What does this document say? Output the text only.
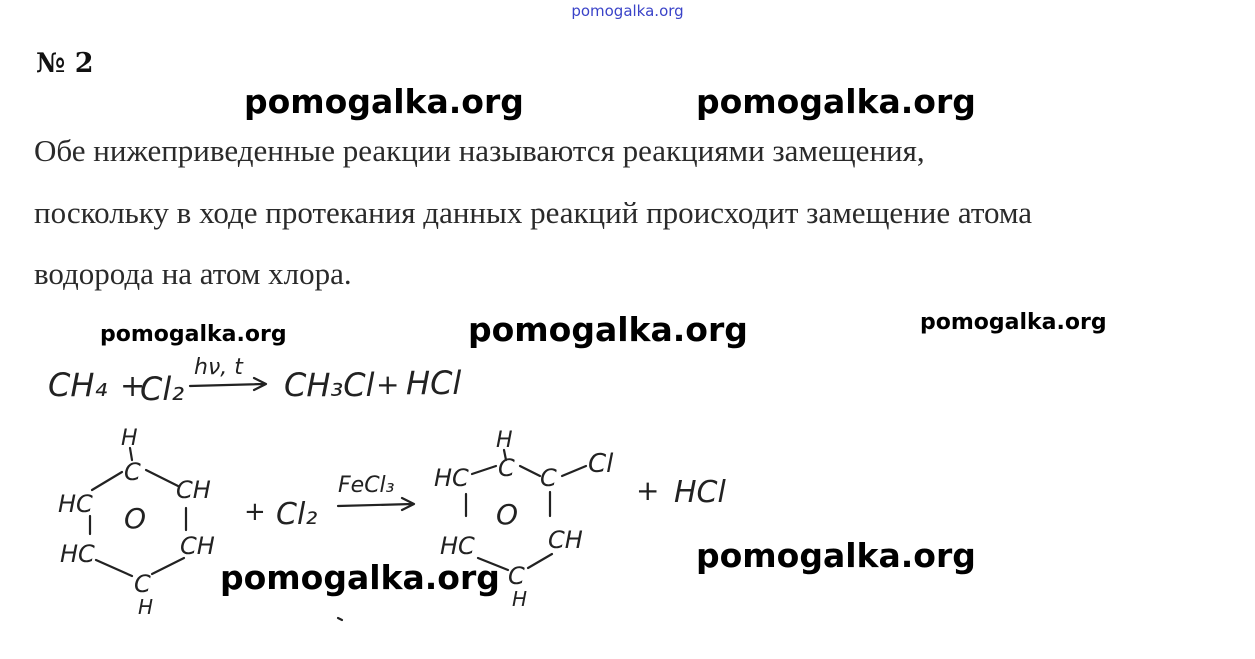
pomogalka.org
№ 2
pomogalka.org	pomogalka.org
Обе нижеприведенные реакции называются реакциями замещения,
поскольку в ходе протекания данных реакций происходит замещение атома
водорода на атом хлора.
pomogalka.org	pomogalka.org	pomogalka.org
CH₄ +
Cl₂
hν, t CH₃Cl + HCl
H
C
HC	CH
O
HC	CH
C
H
+ Cl₂
FeCl₃
H
C
HC	C Cl
O
HC	CH
C
H
+ HCl
pomogalka.org
pomogalka.org
